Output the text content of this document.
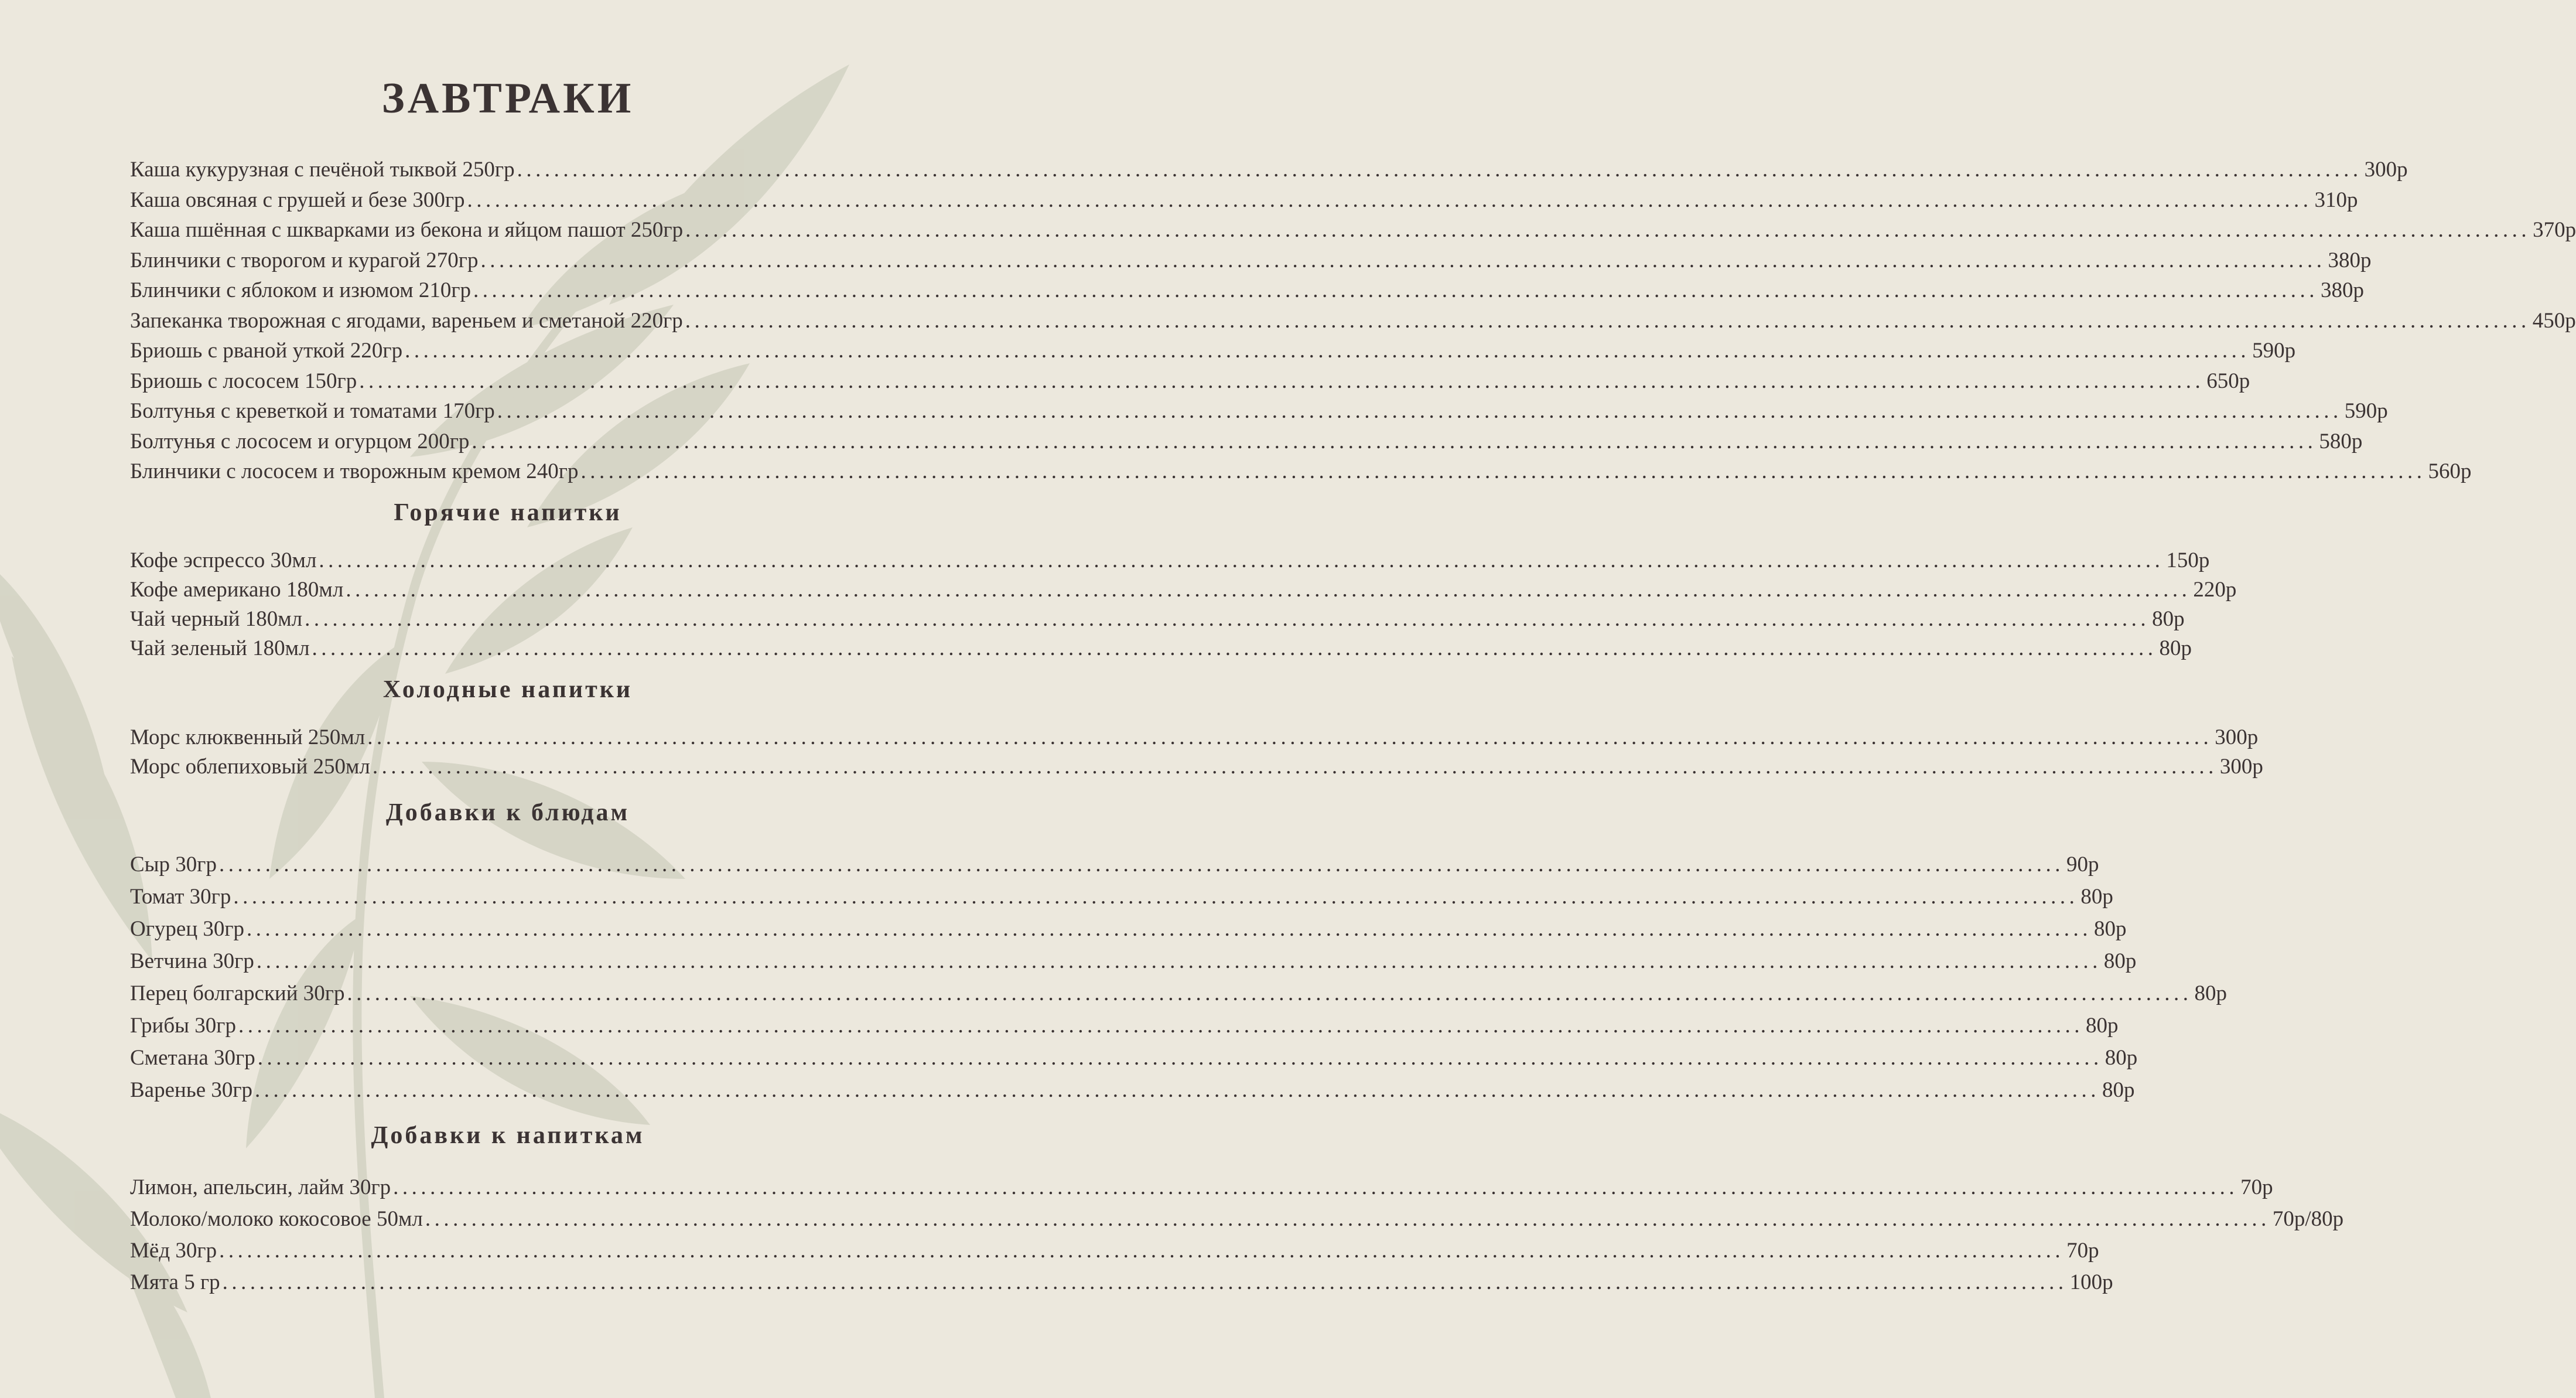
ЗАВТРАКИ
Каша кукурузная с печёной тыквой 250гр ........................................................................................................................................................................................................ 300р
Каша овсяная с грушей и безе 300гр ........................................................................................................................................................................................................ 310р
Каша пшённая с шкварками из бекона и яйцом пашот 250гр ........................................................................................................................................................................................................ 370р
Блинчики с творогом и курагой 270гр ........................................................................................................................................................................................................ 380р
Блинчики с яблоком и изюмом 210гр ........................................................................................................................................................................................................ 380р
Запеканка творожная с ягодами, вареньем и сметаной 220гр ........................................................................................................................................................................................................ 450р
Бриошь с рваной уткой 220гр ........................................................................................................................................................................................................ 590р
Бриошь с лососем 150гр ........................................................................................................................................................................................................ 650р
Болтунья с креветкой и томатами 170гр ........................................................................................................................................................................................................ 590р
Болтунья с лососем и огурцом 200гр ........................................................................................................................................................................................................ 580р
Блинчики с лососем и творожным кремом 240гр ........................................................................................................................................................................................................ 560р
Горячие напитки
Кофе эспрессо 30мл ........................................................................................................................................................................................................ 150р
Кофе американо 180мл ........................................................................................................................................................................................................ 220р
Чай черный 180мл ........................................................................................................................................................................................................ 80р
Чай зеленый 180мл ........................................................................................................................................................................................................ 80р
Холодные напитки
Морс клюквенный 250мл ........................................................................................................................................................................................................ 300р
Морс облепиховый 250мл ........................................................................................................................................................................................................ 300р
Добавки к блюдам
Сыр 30гр ........................................................................................................................................................................................................ 90р
Томат 30гр ........................................................................................................................................................................................................ 80р
Огурец 30гр ........................................................................................................................................................................................................ 80р
Ветчина 30гр ........................................................................................................................................................................................................ 80р
Перец болгарский 30гр ........................................................................................................................................................................................................ 80р
Грибы 30гр ........................................................................................................................................................................................................ 80р
Сметана 30гр ........................................................................................................................................................................................................ 80р
Варенье 30гр ........................................................................................................................................................................................................ 80р
Добавки к напиткам
Лимон, апельсин, лайм 30гр ........................................................................................................................................................................................................ 70р
Молоко/молоко кокосовое 50мл ........................................................................................................................................................................................................ 70р/80р
Мёд 30гр ........................................................................................................................................................................................................ 70р
Мята 5 гр ........................................................................................................................................................................................................ 100р
